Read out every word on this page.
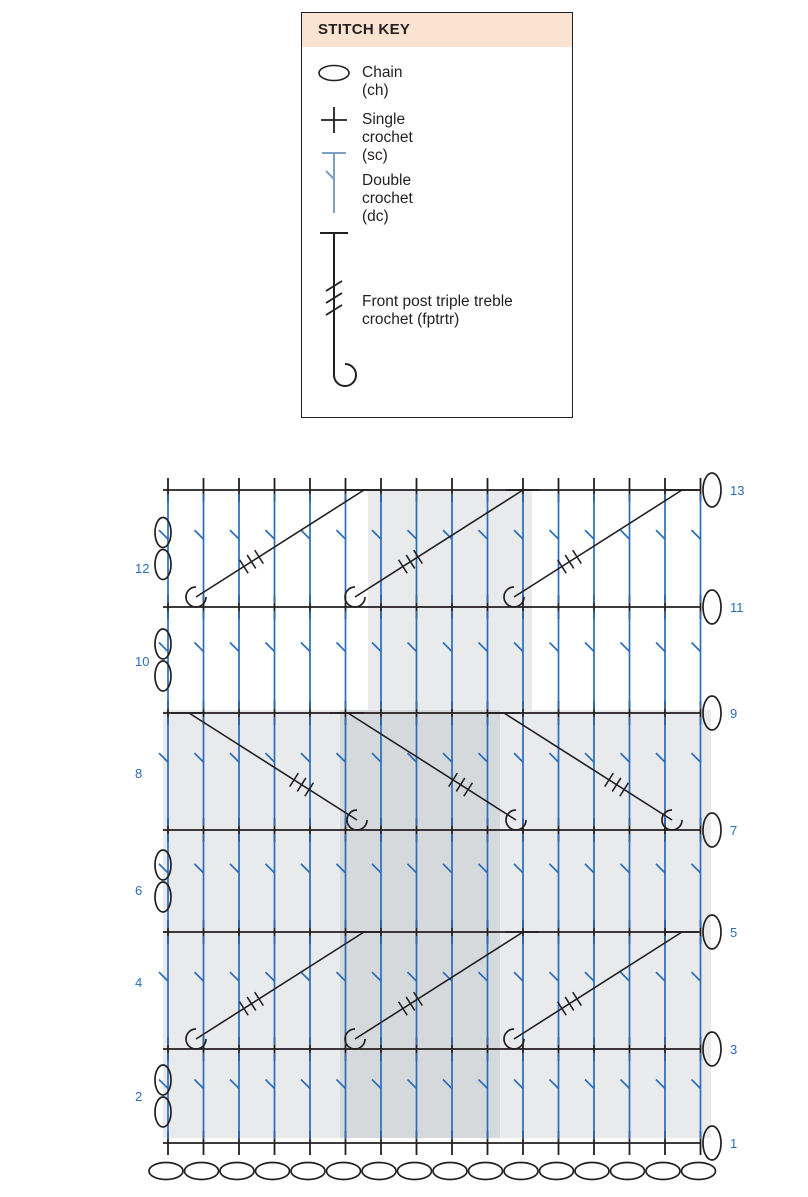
STITCH KEY
Chain (ch)
Single crochet (sc)
Double crochet (dc)
Front post triple treble crochet (fptrtr)
1
3
5
7
9
11
13
2
4
6
8
10
12
